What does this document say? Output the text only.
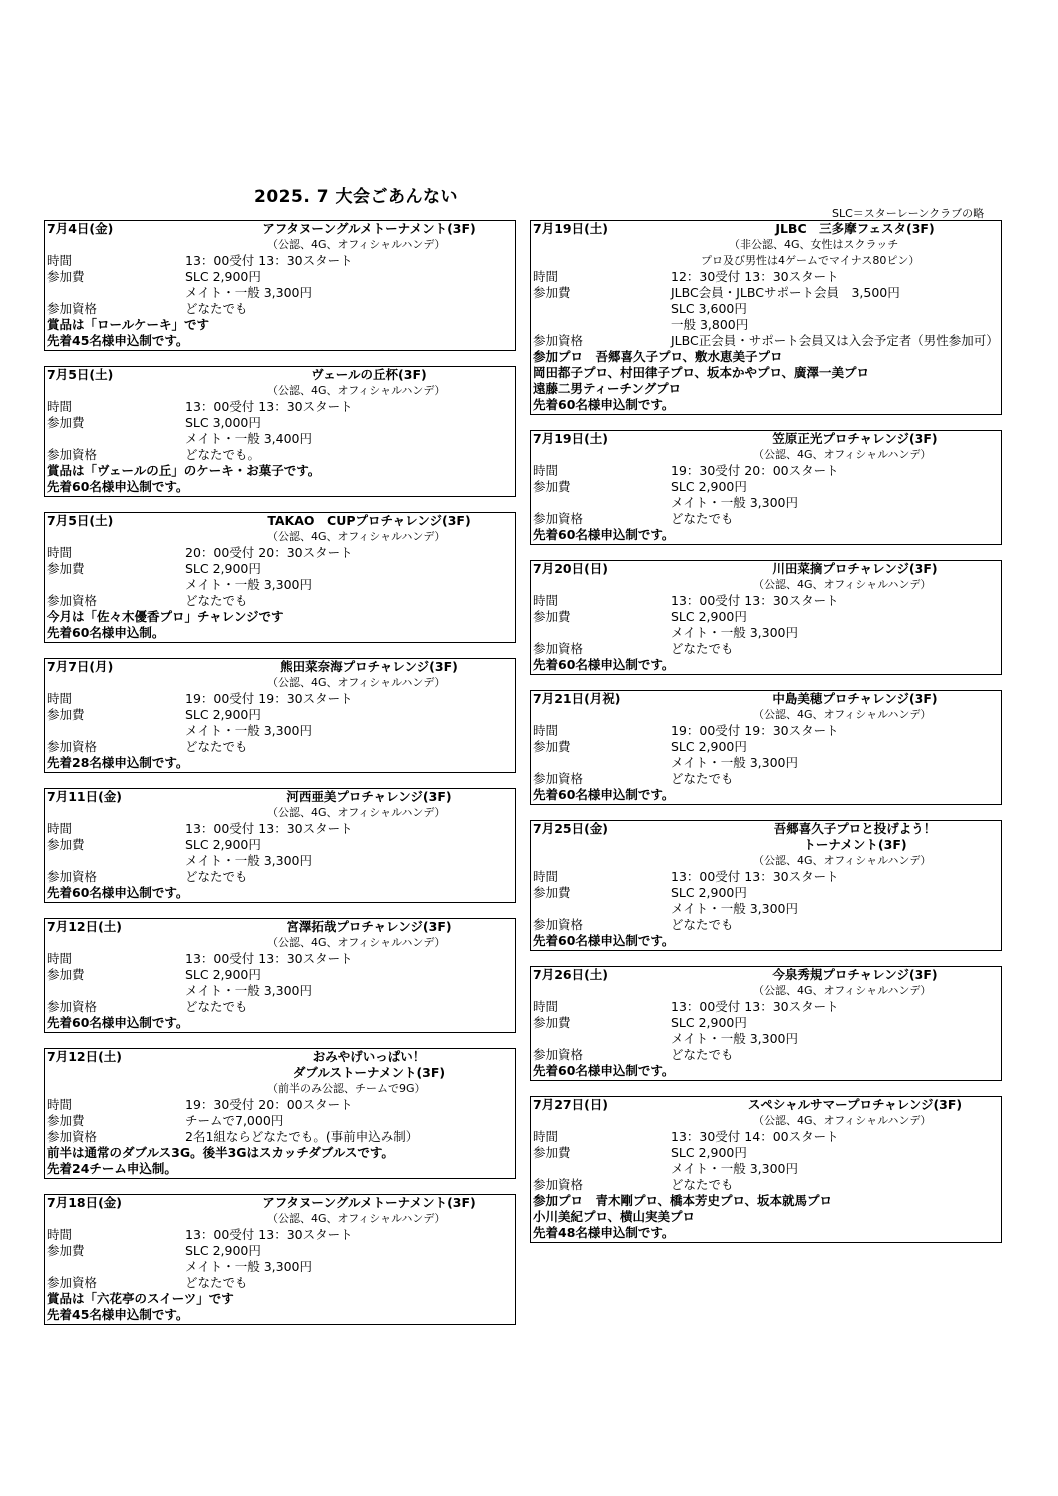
2025. 7 大会ごあんない
SLC＝スターレーンクラブの略
7月4日(金)	アフタヌーングルメトーナメント(3F)
（公認、4G、オフィシャルハンデ）
時間	13：00受付 13：30スタート
参加費	SLC 2,900円
メイト・一般 3,300円
参加資格	どなたでも
賞品は「ロールケーキ」です
先着45名様申込制です。
7月5日(土)	ヴェールの丘杯(3F)
（公認、4G、オフィシャルハンデ）
時間	13：00受付 13：30スタート
参加費	SLC 3,000円
メイト・一般 3,400円
参加資格	どなたでも。
賞品は「ヴェールの丘」のケーキ・お菓子です。
先着60名様申込制です。
7月5日(土)	TAKAO　CUPプロチャレンジ(3F)
（公認、4G、オフィシャルハンデ）
時間	20：00受付 20：30スタート
参加費	SLC 2,900円
メイト・一般 3,300円
参加資格	どなたでも
今月は「佐々木優香プロ」チャレンジです
先着60名様申込制。
7月7日(月)	熊田菜奈海プロチャレンジ(3F)
（公認、4G、オフィシャルハンデ）
時間	19：00受付 19：30スタート
参加費	SLC 2,900円
メイト・一般 3,300円
参加資格	どなたでも
先着28名様申込制です。
7月11日(金)	河西亜美プロチャレンジ(3F)
（公認、4G、オフィシャルハンデ）
時間	13：00受付 13：30スタート
参加費	SLC 2,900円
メイト・一般 3,300円
参加資格	どなたでも
先着60名様申込制です。
7月12日(土)	宮澤拓哉プロチャレンジ(3F)
（公認、4G、オフィシャルハンデ）
時間	13：00受付 13：30スタート
参加費	SLC 2,900円
メイト・一般 3,300円
参加資格	どなたでも
先着60名様申込制です。
7月12日(土)	おみやげいっぱい！
ダブルストーナメント(3F)
（前半のみ公認、チームで9G）
時間	19：30受付 20：00スタート
参加費	チームで7,000円
参加資格	2名1組ならどなたでも。(事前申込み制）
前半は通常のダブルス3G。後半3Gはスカッチダブルスです。
先着24チーム申込制。
7月18日(金)	アフタヌーングルメトーナメント(3F)
（公認、4G、オフィシャルハンデ）
時間	13：00受付 13：30スタート
参加費	SLC 2,900円
メイト・一般 3,300円
参加資格	どなたでも
賞品は「六花亭のスイーツ」です
先着45名様申込制です。
7月19日(土)	JLBC　三多摩フェスタ(3F)
（非公認、4G、女性はスクラッチ
プロ及び男性は4ゲームでマイナス80ピン）
時間	12：30受付 13：30スタート
参加費	JLBC会員・JLBCサポート会員　3,500円
SLC 3,600円
一般 3,800円
参加資格	JLBC正会員・サポート会員又は入会予定者（男性参加可）
参加プロ　吾郷喜久子プロ、敷水恵美子プロ
岡田都子プロ、村田律子プロ、坂本かやプロ、廣澤一美プロ
遠藤二男ティーチングプロ
先着60名様申込制です。
7月19日(土)	笠原正光プロチャレンジ(3F)
（公認、4G、オフィシャルハンデ）
時間	19：30受付 20：00スタート
参加費	SLC 2,900円
メイト・一般 3,300円
参加資格	どなたでも
先着60名様申込制です。
7月20日(日)	川田菜摘プロチャレンジ(3F)
（公認、4G、オフィシャルハンデ）
時間	13：00受付 13：30スタート
参加費	SLC 2,900円
メイト・一般 3,300円
参加資格	どなたでも
先着60名様申込制です。
7月21日(月祝)	中島美穂プロチャレンジ(3F)
（公認、4G、オフィシャルハンデ）
時間	19：00受付 19：30スタート
参加費	SLC 2,900円
メイト・一般 3,300円
参加資格	どなたでも
先着60名様申込制です。
7月25日(金)	吾郷喜久子プロと投げよう！
トーナメント(3F)
（公認、4G、オフィシャルハンデ）
時間	13：00受付 13：30スタート
参加費	SLC 2,900円
メイト・一般 3,300円
参加資格	どなたでも
先着60名様申込制です。
7月26日(土)	今泉秀規プロチャレンジ(3F)
（公認、4G、オフィシャルハンデ）
時間	13：00受付 13：30スタート
参加費	SLC 2,900円
メイト・一般 3,300円
参加資格	どなたでも
先着60名様申込制です。
7月27日(日)	スペシャルサマープロチャレンジ(3F)
（公認、4G、オフィシャルハンデ）
時間	13：30受付 14：00スタート
参加費	SLC 2,900円
メイト・一般 3,300円
参加資格	どなたでも
参加プロ　青木剛プロ、橋本芳史プロ、坂本就馬プロ
小川美紀プロ、横山実美プロ
先着48名様申込制です。
